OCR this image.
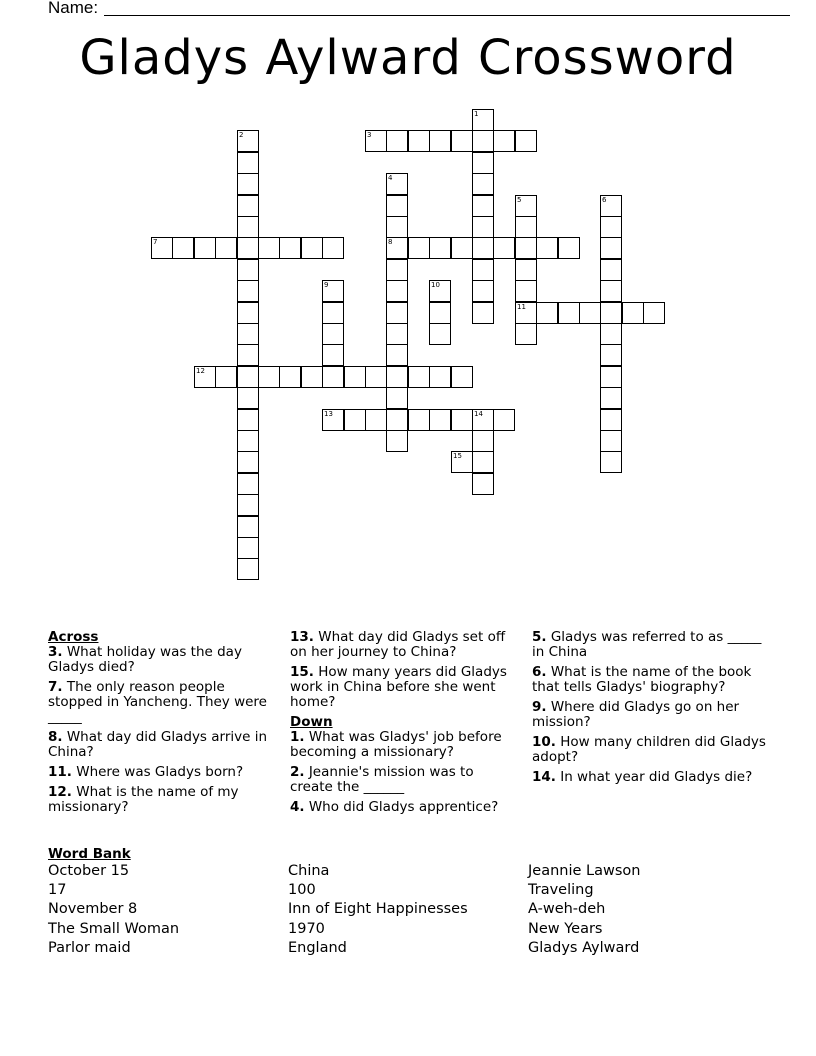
Name:
Gladys Aylward Crossword
1
2	3
4
8
5
11
6
7
9	10
12
13	14
15
Across
3. What holiday was the day Gladys died?
7. The only reason people stopped in Yancheng. They were _____
8. What day did Gladys arrive in China?
11. Where was Gladys born?
12. What is the name of my missionary?
13. What day did Gladys set off on her journey to China?
15. How many years did Gladys work in China before she went home?
Down
1. What was Gladys' job before becoming a missionary?
2. Jeannie's mission was to create the ______
4. Who did Gladys apprentice?
5. Gladys was referred to as _____ in China
6. What is the name of the book that tells Gladys' biography?
9. Where did Gladys go on her mission?
10. How many children did Gladys adopt?
14. In what year did Gladys die?
Word Bank
October 15
17
November 8
The Small Woman
Parlor maid
China
100
Inn of Eight Happinesses
1970
England
Jeannie Lawson
Traveling
A-weh-deh
New Years
Gladys Aylward
